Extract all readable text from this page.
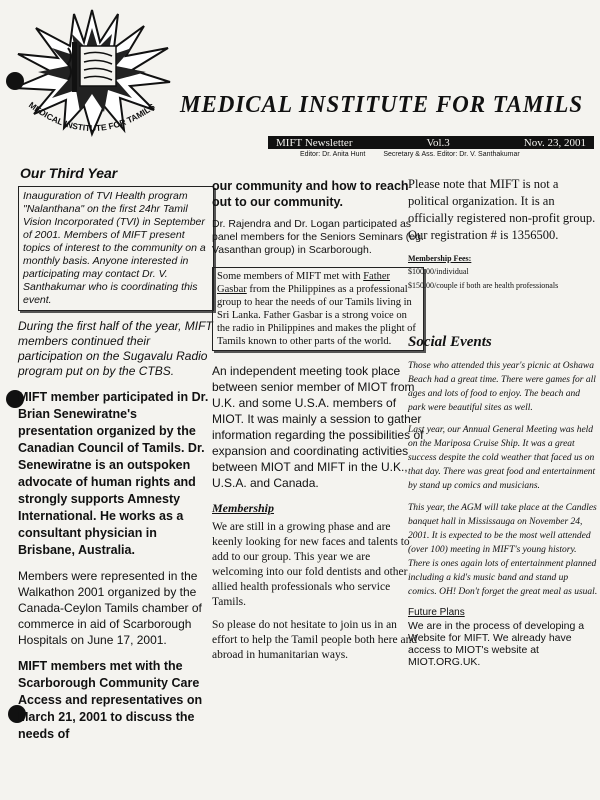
MEDICAL INSTITUTE FOR TAMILS MEDICAL INSTITUTE FOR TAMILS
MIFT Newsletter	Vol.3	Nov. 23, 2001
Editor: Dr. Anita Hunt	Secretary & Ass. Editor: Dr. V. Santhakumar
Our Third Year
Inauguration of TVI Health program "Nalanthana" on the first 24hr Tamil Vision Incorporated (TVI) in September of 2001. Members of MIFT present topics of interest to the community on a monthly basis. Anyone interested in participating may contact Dr. V. Santhakumar who is coordinating this event.

During the first half of the year, MIFT members continued their participation on the Sugavalu Radio program put on by the CTBS.

MIFT member participated in Dr. Brian Senewiratne's presentation organized by the Canadian Council of Tamils. Dr. Senewiratne is an outspoken advocate of human rights and strongly supports Amnesty International. He works as a consultant physician in Brisbane, Australia.

Members were represented in the Walkathon 2001 organized by the Canada-Ceylon Tamils chamber of commerce in aid of Scarborough Hospitals on June 17, 2001.

MIFT members met with the Scarborough Community Care Access and representatives on March 21, 2001 to discuss the needs of

our community and how to reach out to our community.

Dr. Rajendra and Dr. Logan participated as panel members for the Seniors Seminars (eg. Vasanthan group) in Scarborough.

Some members of MIFT met with Father Gasbar from the Philippines as a professional group to hear the needs of our Tamils living in Sri Lanka. Father Gasbar is a strong voice on the radio in Philippines and makes the plight of Tamils known to other parts of the world.

An independent meeting took place between senior member of MIOT from U.K. and some U.S.A. members of MIOT. It was mainly a session to gather information regarding the possibilities of expansion and coordinating activities between MIOT and MIFT in the U.K., U.S.A. and Canada.

Membership

We are still in a growing phase and are keenly looking for new faces and talents to add to our group. This year we are welcoming into our fold dentists and other allied health professionals who service Tamils.

So please do not hesitate to join us in an effort to help the Tamil people both here and abroad in humanitarian ways.

Please note that MIFT is not a political organization. It is an officially registered non-profit group. Our registration # is 1356500.

Membership Fees:
$100.00/individual
$150.00/couple if both are health professionals
Social Events

Those who attended this year's picnic at Oshawa Beach had a great time. There were games for all ages and lots of food to enjoy. The beach and park were beautiful sites as well.

Last year, our Annual General Meeting was held on the Mariposa Cruise Ship. It was a great success despite the cold weather that faced us on that day. There was great food and entertainment by stand up comics and musicians.

This year, the AGM will take place at the Candles banquet hall in Mississauga on November 24, 2001. It is expected to be the most well attended (over 100) meeting in MIFT's young history. There is ones again lots of entertainment planned including a kid's music band and stand up comics. OH! Don't forget the great meal as usual.

Future Plans

We are in the process of developing a Website for MIFT. We already have access to MIOT's website at MIOT.ORG.UK.
